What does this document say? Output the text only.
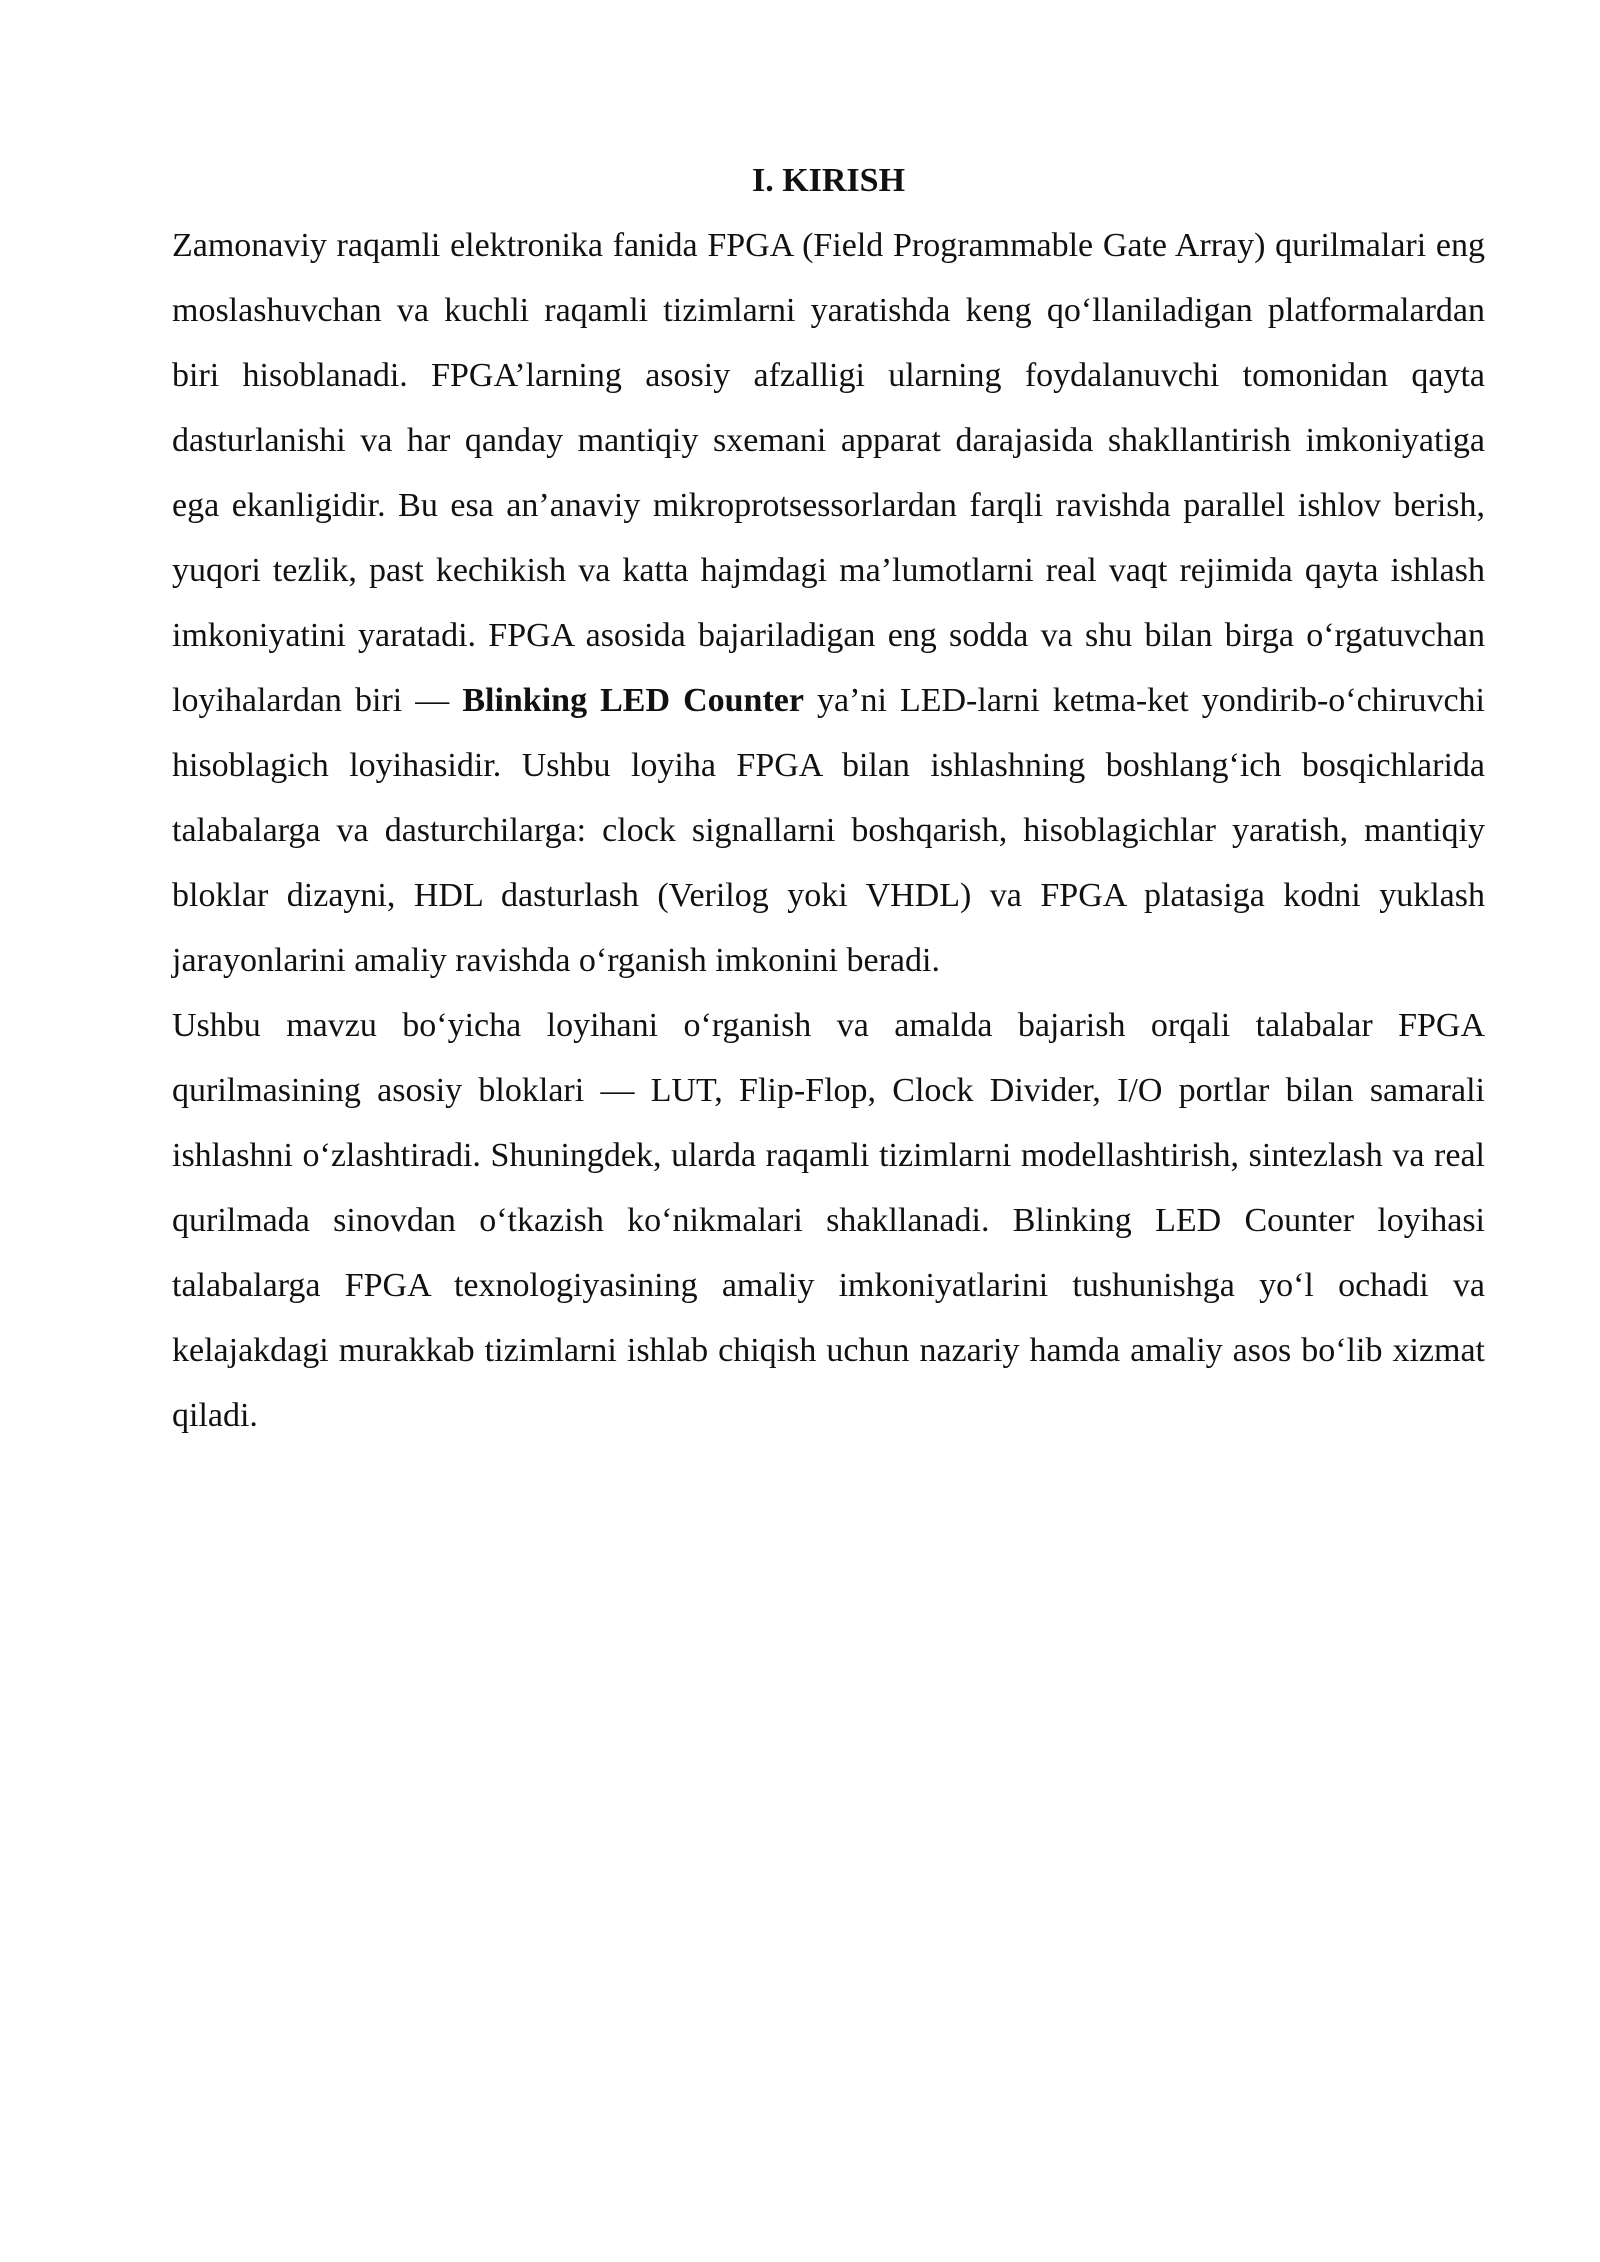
I. KIRISH

Zamonaviy raqamli elektronika fanida FPGA (Field Programmable Gate Array) qurilmalari eng moslashuvchan va kuchli raqamli tizimlarni yaratishda keng qo‘llaniladigan platformalardan biri hisoblanadi. FPGA’larning asosiy afzalligi ularning foydalanuvchi tomonidan qayta dasturlanishi va har qanday mantiqiy sxemani apparat darajasida shakllantirish imkoniyatiga ega ekanligidir. Bu esa an’anaviy mikroprotsessorlardan farqli ravishda parallel ishlov berish, yuqori tezlik, past kechikish va katta hajmdagi ma’lumotlarni real vaqt rejimida qayta ishlash imkoniyatini yaratadi. FPGA asosida bajariladigan eng sodda va shu bilan birga o‘rgatuvchan loyihalardan biri — Blinking LED Counter ya’ni LED-larni ketma-ket yondirib-o‘chiruvchi hisoblagich loyihasidir. Ushbu loyiha FPGA bilan ishlashning boshlang‘ich bosqichlarida talabalarga va dasturchilarga: clock signallarni boshqarish, hisoblagichlar yaratish, mantiqiy bloklar dizayni, HDL dasturlash (Verilog yoki VHDL) va FPGA platasiga kodni yuklash jarayonlarini amaliy ravishda o‘rganish imkonini beradi.

Ushbu mavzu bo‘yicha loyihani o‘rganish va amalda bajarish orqali talabalar FPGA qurilmasining asosiy bloklari — LUT, Flip-Flop, Clock Divider, I/O portlar bilan samarali ishlashni o‘zlashtiradi. Shuningdek, ularda raqamli tizimlarni modellashtirish, sintezlash va real qurilmada sinovdan o‘tkazish ko‘nikmalari shakllanadi. Blinking LED Counter loyihasi talabalarga FPGA texnologiyasining amaliy imkoniyatlarini tushunishga yo‘l ochadi va kelajakdagi murakkab tizimlarni ishlab chiqish uchun nazariy hamda amaliy asos bo‘lib xizmat qiladi.
